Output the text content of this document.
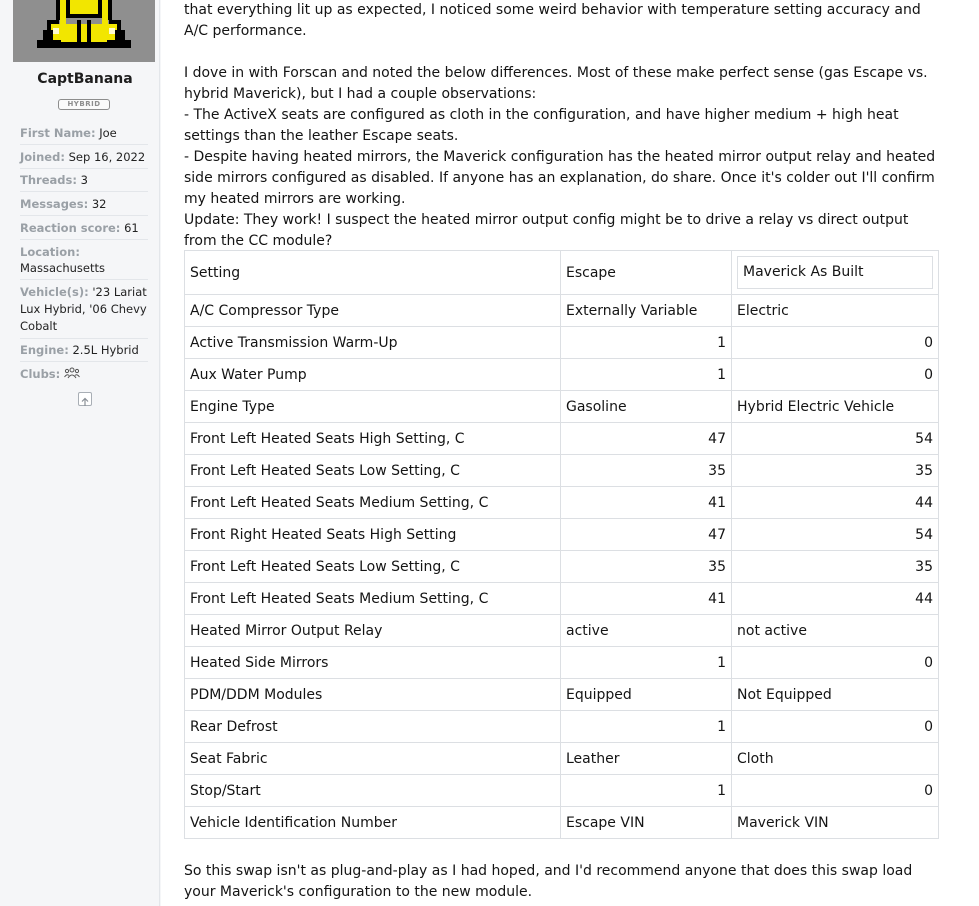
CaptBanana
HYBRID
First Name: Joe
Joined: Sep 16, 2022
Threads: 3
Messages: 32
Reaction score: 61
Location:
Massachusetts
Vehicle(s): '23 Lariat Lux Hybrid, '06 Chevy Cobalt
Engine: 2.5L Hybrid
Clubs:

that everything lit up as expected, I noticed some weird behavior with temperature setting accuracy and A/C performance.

I dove in with Forscan and noted the below differences. Most of these make perfect sense (gas Escape vs. hybrid Maverick), but I had a couple observations:

- The ActiveX seats are configured as cloth in the configuration, and have higher medium + high heat settings than the leather Escape seats.

- Despite having heated mirrors, the Maverick configuration has the heated mirror output relay and heated side mirrors configured as disabled. If anyone has an explanation, do share. Once it's colder out I'll confirm my heated mirrors are working.

Update: They work! I suspect the heated mirror output config might be to drive a relay vs direct output from the CC module?

Setting	Escape	Maverick As Built

A/C Compressor Type	Externally Variable	Electric
Active Transmission Warm-Up	1	0
Aux Water Pump	1	0
Engine Type	Gasoline	Hybrid Electric Vehicle
Front Left Heated Seats High Setting, C	47	54
Front Left Heated Seats Low Setting, C	35	35
Front Left Heated Seats Medium Setting, C	41	44
Front Right Heated Seats High Setting	47	54
Front Left Heated Seats Low Setting, C	35	35
Front Left Heated Seats Medium Setting, C	41	44
Heated Mirror Output Relay	active	not active
Heated Side Mirrors	1	0
PDM/DDM Modules	Equipped	Not Equipped
Rear Defrost	1	0
Seat Fabric	Leather	Cloth
Stop/Start	1	0
Vehicle Identification Number	Escape VIN	Maverick VIN

So this swap isn't as plug-and-play as I had hoped, and I'd recommend anyone that does this swap load your Maverick's configuration to the new module.
